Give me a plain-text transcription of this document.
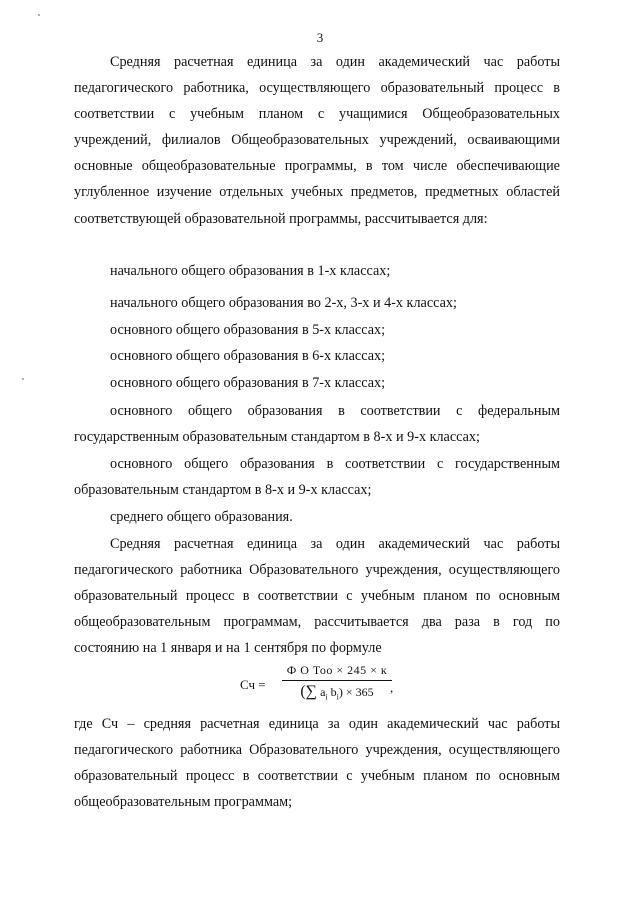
3

Средняя расчетная единица за один академический час работы педагогического работника, осуществляющего образовательный процесс в соответствии с учебным планом с учащимися Общеобразовательных учреждений, филиалов Общеобразовательных учреждений, осваивающими основные общеобразовательные программы, в том числе обеспечивающие углубленное изучение отдельных учебных предметов, предметных областей соответствующей образовательной программы, рассчитывается для:

начального общего образования в 1-х классах;

начального общего образования во 2-х, 3-х и 4-х классах;

основного общего образования в 5-х классах;

основного общего образования в 6-х классах;

основного общего образования в 7-х классах;

основного общего образования в соответствии с федеральным государственным образовательным стандартом в 8-х и 9-х классах;

основного общего образования в соответствии с государственным образовательным стандартом в 8-х и 9-х классах;

среднего общего образования.

Средняя расчетная единица за один академический час работы педагогического работника Образовательного учреждения, осуществляющего образовательный процесс в соответствии с учебным планом по основным общеобразовательным программам, рассчитывается два раза в год по состоянию на 1 января и на 1 сентября по формуле

Сч =
Ф О Тоо × 245 × к
(∑ $a_i$ $b_i) \times 365$	,

где Сч – средняя расчетная единица за один академический час работы педагогического работника Образовательного учреждения, осуществляющего образовательный процесс в соответствии с учебным планом по основным общеобразовательным программам;
